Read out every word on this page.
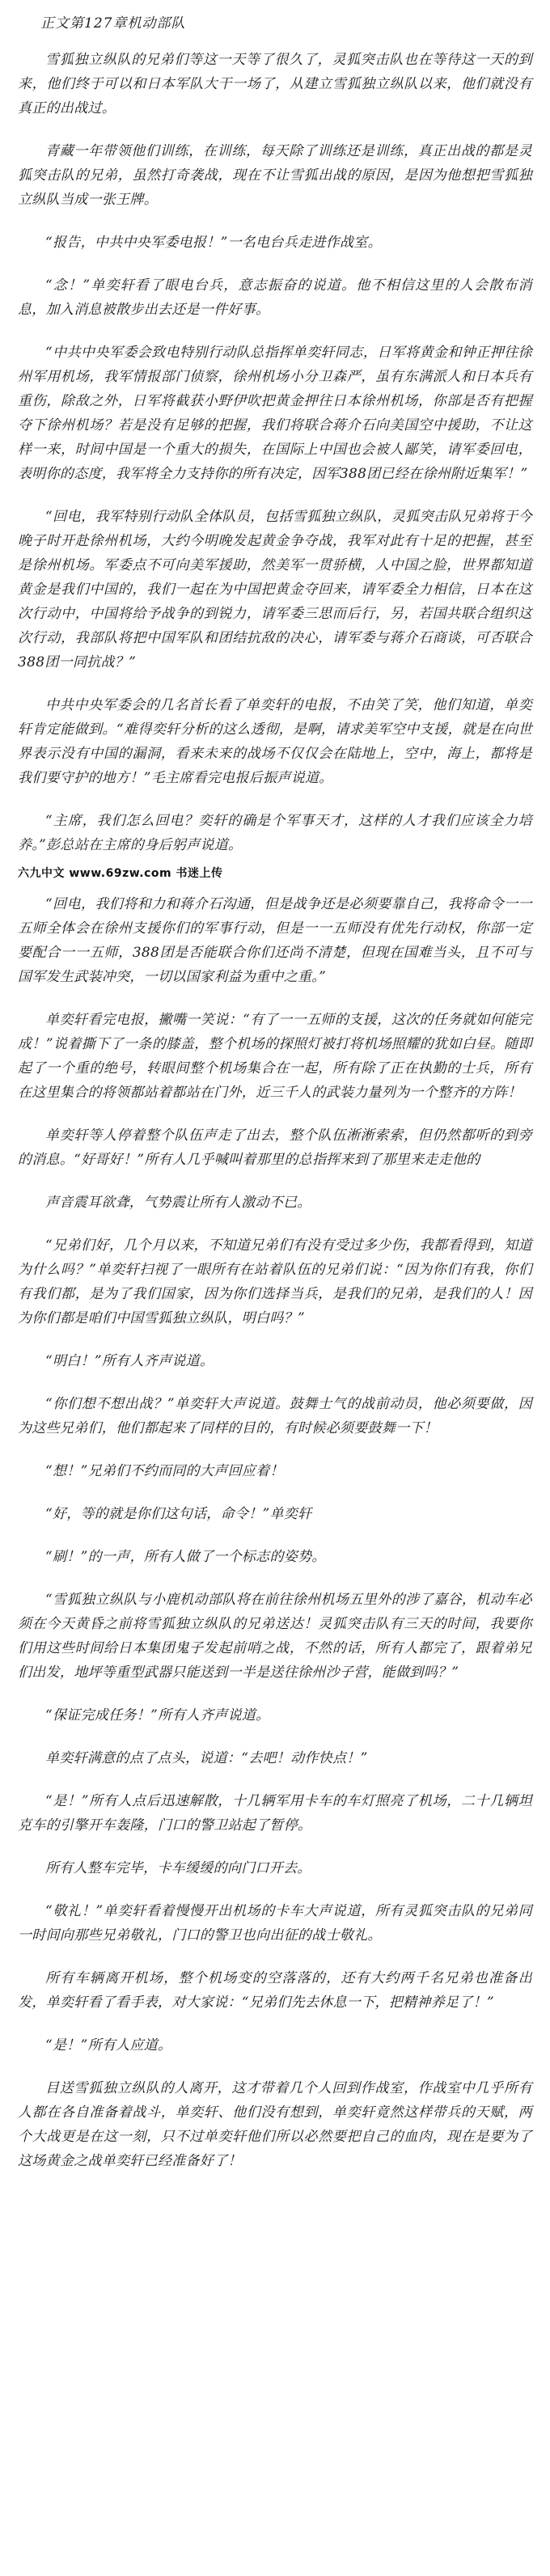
正文第127章机动部队

雪狐独立纵队的兄弟们等这一天等了很久了，灵狐突击队也在等待这一天的到来，他们终于可以和日本军队大干一场了，从建立雪狐独立纵队以来，他们就没有真正的出战过。

青藏一年带领他们训练，在训练，每天除了训练还是训练，真正出战的都是灵狐突击队的兄弟，虽然打奇袭战，现在不让雪狐出战的原因，是因为他想把雪狐独立纵队当成一张王牌。

“报告，中共中央军委电报！”一名电台兵走进作战室。

“念！”单奕轩看了眼电台兵，意志振奋的说道。他不相信这里的人会散布消息，加入消息被散步出去还是一件好事。

“中共中央军委会致电特别行动队总指挥单奕轩同志，日军将黄金和钟正押往徐州军用机场，我军情报部门侦察，徐州机场小分卫森严，虽有东满派人和日本兵有重伤，除敌之外，日军将截获小野伊吹把黄金押往日本徐州机场，你部是否有把握夺下徐州机场？若是没有足够的把握，我们将联合蒋介石向美国空中援助，不让这样一来，时间中国是一个重大的损失，在国际上中国也会被人鄙笑，请军委回电，表明你的态度，我军将全力支持你的所有决定，因军388团已经在徐州附近集军！”

“回电，我军特别行动队全体队员，包括雪狐独立纵队，灵狐突击队兄弟将于今晚子时开赴徐州机场，大约今明晚发起黄金争夺战，我军对此有十足的把握，甚至是徐州机场。军委点不可向美军援助，然美军一贯骄横，人中国之脸，世界都知道黄金是我们中国的，我们一起在为中国把黄金夺回来，请军委全力相信，日本在这次行动中，中国将给予战争的到锐力，请军委三思而后行，另，若国共联合组织这次行动，我部队将把中国军队和团结抗敌的决心，请军委与蒋介石商谈，可否联合388团一同抗战？”

中共中央军委会的几名首长看了单奕轩的电报，不由笑了笑，他们知道，单奕轩肯定能做到。“难得奕轩分析的这么透彻，是啊，请求美军空中支援，就是在向世界表示没有中国的漏洞，看来未来的战场不仅仅会在陆地上，空中，海上，都将是我们要守护的地方！”毛主席看完电报后振声说道。

“主席，我们怎么回电？奕轩的确是个军事天才，这样的人才我们应该全力培养。”彭总站在主席的身后躬声说道。

六九中文 www.69zw.com 书迷上传

“回电，我们将和力和蒋介石沟通，但是战争还是必须要靠自己，我将命令一一五师全体会在徐州支援你们的军事行动，但是一一五师没有优先行动权，你部一定要配合一一五师，388团是否能联合你们还尚不清楚，但现在国难当头，且不可与国军发生武装冲突，一切以国家利益为重中之重。”

单奕轩看完电报，撇嘴一笑说：“有了一一五师的支援，这次的任务就如何能完成！”说着撕下了一条的膝盖，整个机场的探照灯被打将机场照耀的犹如白昼。随即起了一个重的绝号，转眼间整个机场集合在一起，所有除了正在执勤的士兵，所有在这里集合的将领都站着都站在门外，近三千人的武装力量列为一个整齐的方阵！

单奕轩等人停着整个队伍声走了出去，整个队伍淅淅索索，但仍然都听的到旁的消息。“好哥好！”所有人几乎喊叫着那里的总指挥来到了那里来走走他的

声音震耳欲聋，气势震让所有人激动不已。

“兄弟们好，几个月以来，不知道兄弟们有没有受过多少伤，我都看得到，知道为什么吗？”单奕轩扫视了一眼所有在站着队伍的兄弟们说：“因为你们有我，你们有我们都，是为了我们国家，因为你们选择当兵，是我们的兄弟，是我们的人！因为你们都是咱们中国雪狐独立纵队，明白吗？”

“明白！”所有人齐声说道。

“你们想不想出战？”单奕轩大声说道。鼓舞士气的战前动员，他必须要做，因为这些兄弟们，他们都起来了同样的目的，有时候必须要鼓舞一下！

“想！”兄弟们不约而同的大声回应着！

“好，等的就是你们这句话，命令！”单奕轩

“刷！”的一声，所有人做了一个标志的姿势。

“雪狐独立纵队与小鹿机动部队将在前往徐州机场五里外的涉了嘉谷，机动车必须在今天黄昏之前将雪狐独立纵队的兄弟送达！灵狐突击队有三天的时间，我要你们用这些时间给日本集团鬼子发起前哨之战，不然的话，所有人都完了，跟着弟兄们出发，地坪等重型武器只能送到一半是送往徐州沙子营，能做到吗？”

“保证完成任务！”所有人齐声说道。

单奕轩满意的点了点头，说道：“去吧！动作快点！”

“是！”所有人点后迅速解散，十几辆军用卡车的车灯照亮了机场，二十几辆坦克车的引擎开车轰隆，门口的警卫站起了暂停。

所有人整车完毕，卡车缓缓的向门口开去。

“敬礼！”单奕轩看着慢慢开出机场的卡车大声说道，所有灵狐突击队的兄弟同一时间向那些兄弟敬礼，门口的警卫也向出征的战士敬礼。

所有车辆离开机场，整个机场变的空落落的，还有大约两千名兄弟也准备出发，单奕轩看了看手表，对大家说：“兄弟们先去休息一下，把精神养足了！”

“是！”所有人应道。

目送雪狐独立纵队的人离开，这才带着几个人回到作战室，作战室中几乎所有人都在各自准备着战斗，单奕轩、他们没有想到，单奕轩竟然这样带兵的天赋，两个大战更是在这一刻，只不过单奕轩他们所以必然要把自己的血肉，现在是要为了这场黄金之战单奕轩已经准备好了！
